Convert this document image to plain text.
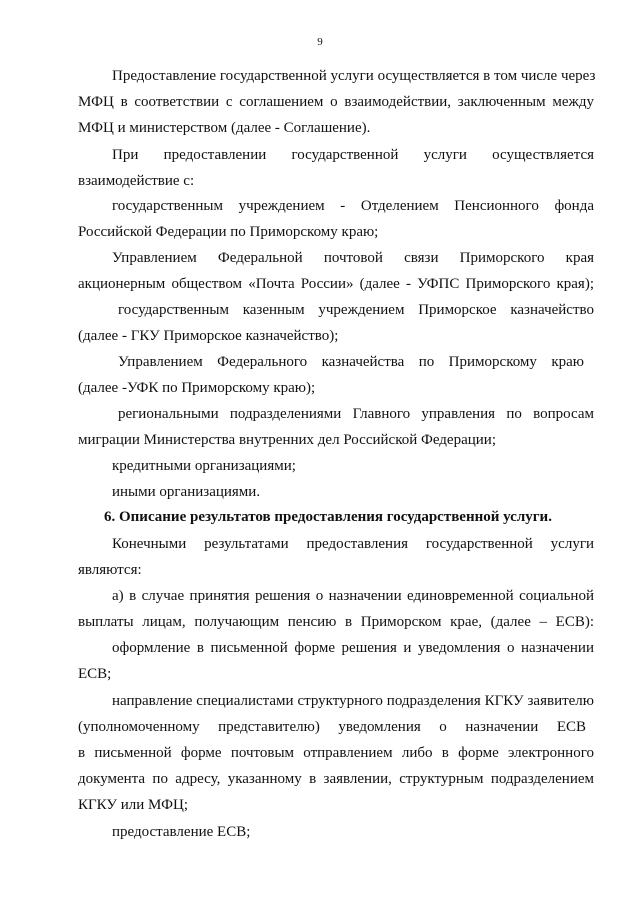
9
Предоставление государственной услуги осуществляется в том числе через
МФЦ в соответствии с соглашением о взаимодействии, заключенным между
МФЦ и министерством (далее - Соглашение).
При предоставлении государственной услуги осуществляется
взаимодействие с:
государственным учреждением - Отделением Пенсионного фонда
Российской Федерации по Приморскому краю;
Управлением Федеральной почтовой связи Приморского края
акционерным обществом «Почта России» (далее - УФПС Приморского края);
государственным казенным учреждением Приморское казначейство
(далее - ГКУ Приморское казначейство);
Управлением Федерального казначейства по Приморскому краю
(далее -УФК по Приморскому краю);
региональными подразделениями Главного управления по вопросам
миграции Министерства внутренних дел Российской Федерации;
кредитными организациями;
иными организациями.
6. Описание результатов предоставления государственной услуги.
Конечными результатами предоставления государственной услуги
являются:
а) в случае принятия решения о назначении единовременной социальной
выплаты лицам, получающим пенсию в Приморском крае, (далее – ЕСВ):
оформление в письменной форме решения и уведомления о назначении
ЕСВ;
направление специалистами структурного подразделения КГКУ заявителю
(уполномоченному представителю) уведомления о назначении ЕСВ
в письменной форме почтовым отправлением либо в форме электронного
документа по адресу, указанному в заявлении, структурным подразделением
КГКУ или МФЦ;
предоставление ЕСВ;
